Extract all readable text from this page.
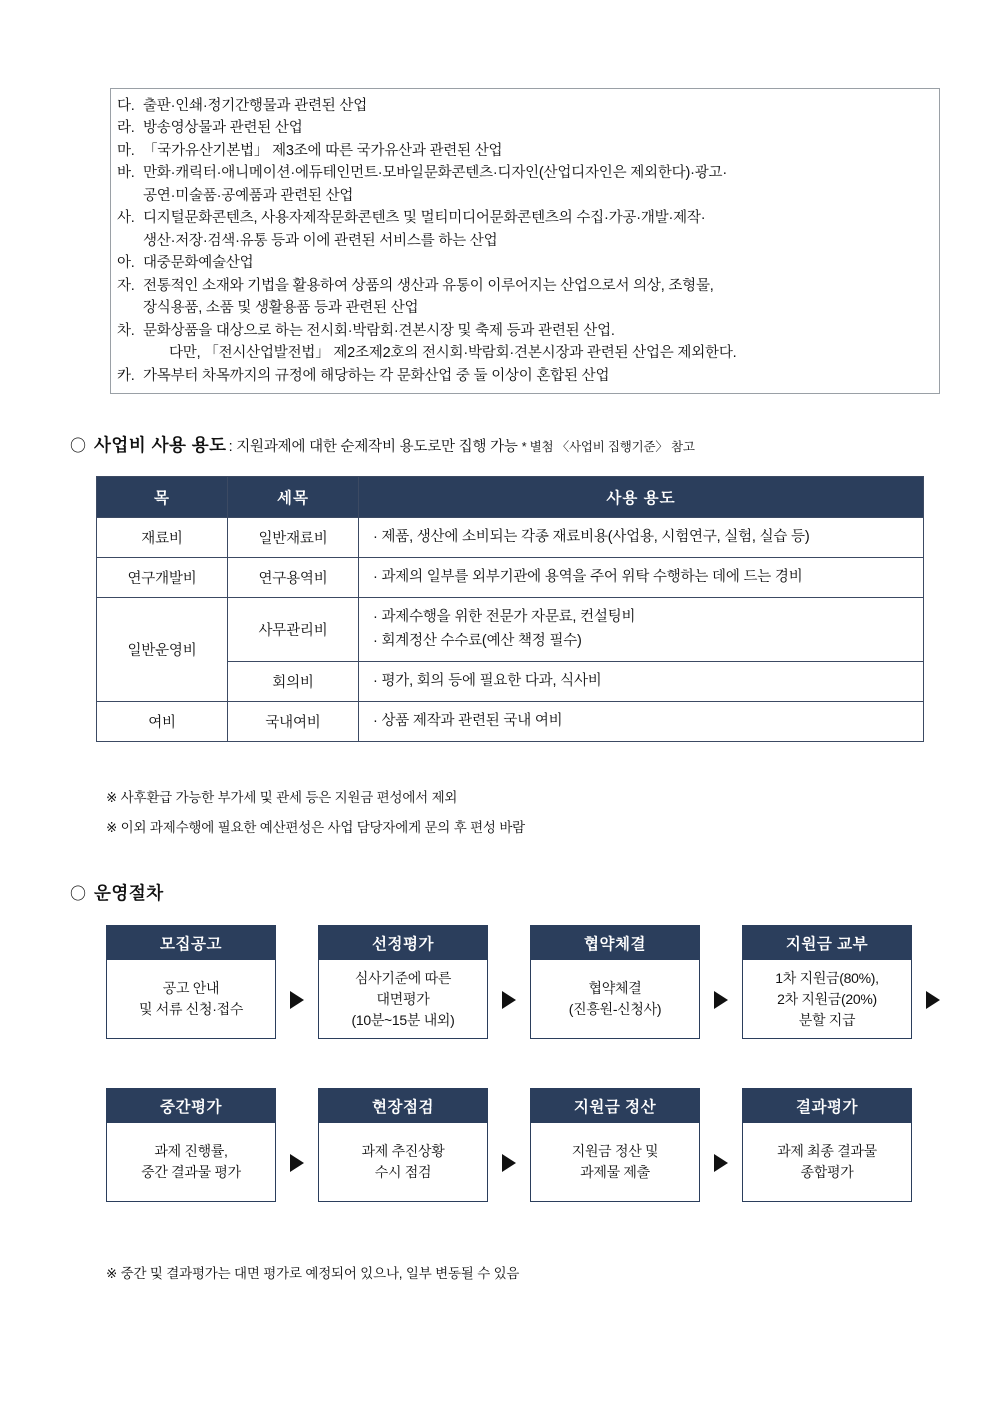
다. 출판·인쇄·정기간행물과 관련된 산업
라. 방송영상물과 관련된 산업
마. 「국가유산기본법」 제3조에 따른 국가유산과 관련된 산업
바. 만화·캐릭터·애니메이션·에듀테인먼트·모바일문화콘텐츠·디자인(산업디자인은 제외한다)·광고·
공연·미술품·공예품과 관련된 산업
사. 디지털문화콘텐츠, 사용자제작문화콘텐츠 및 멀티미디어문화콘텐츠의 수집·가공·개발·제작·
생산·저장·검색·유통 등과 이에 관련된 서비스를 하는 산업
아. 대중문화예술산업
자. 전통적인 소재와 기법을 활용하여 상품의 생산과 유통이 이루어지는 산업으로서 의상, 조형물,
장식용품, 소품 및 생활용품 등과 관련된 산업
차. 문화상품을 대상으로 하는 전시회·박람회·견본시장 및 축제 등과 관련된 산업.
다만, 「전시산업발전법」 제2조제2호의 전시회·박람회·견본시장과 관련된 산업은 제외한다.
카. 가목부터 차목까지의 규정에 해당하는 각 문화산업 중 둘 이상이 혼합된 산업
〇 사업비 사용 용도 : 지원과제에 대한 순제작비 용도로만 집행 가능 * 별첨 〈사업비 집행기준〉 참고
목	세목	사용 용도
재료비	일반재료비	· 제품, 생산에 소비되는 각종 재료비용(사업용, 시험연구, 실험, 실습 등)

연구개발비	연구용역비	· 과제의 일부를 외부기관에 용역을 주어 위탁 수행하는 데에 드는 경비

일반운영비	사무관리비	· 과제수행을 위한 전문가 자문료, 컨설팅비
· 회계정산 수수료(예산 책정 필수)

	회의비	· 평가, 회의 등에 필요한 다과, 식사비

여비	국내여비	· 상품 제작과 관련된 국내 여비
※ 사후환급 가능한 부가세 및 관세 등은 지원금 편성에서 제외
※ 이외 과제수행에 필요한 예산편성은 사업 담당자에게 문의 후 편성 바람
〇 운영절차
모집공고
공고 안내
및 서류 신청·접수
선정평가
심사기준에 따른
대면평가
(10분~15분 내외)
협약체결
협약체결
(진흥원-신청사)
지원금 교부
1차 지원금(80%),
2차 지원금(20%)
분할 지급
중간평가
과제 진행률,
중간 결과물 평가
현장점검
과제 추진상황
수시 점검
지원금 정산
지원금 정산 및
과제물 제출
결과평가
과제 최종 결과물
종합평가
※ 중간 및 결과평가는 대면 평가로 예정되어 있으나, 일부 변동될 수 있음
